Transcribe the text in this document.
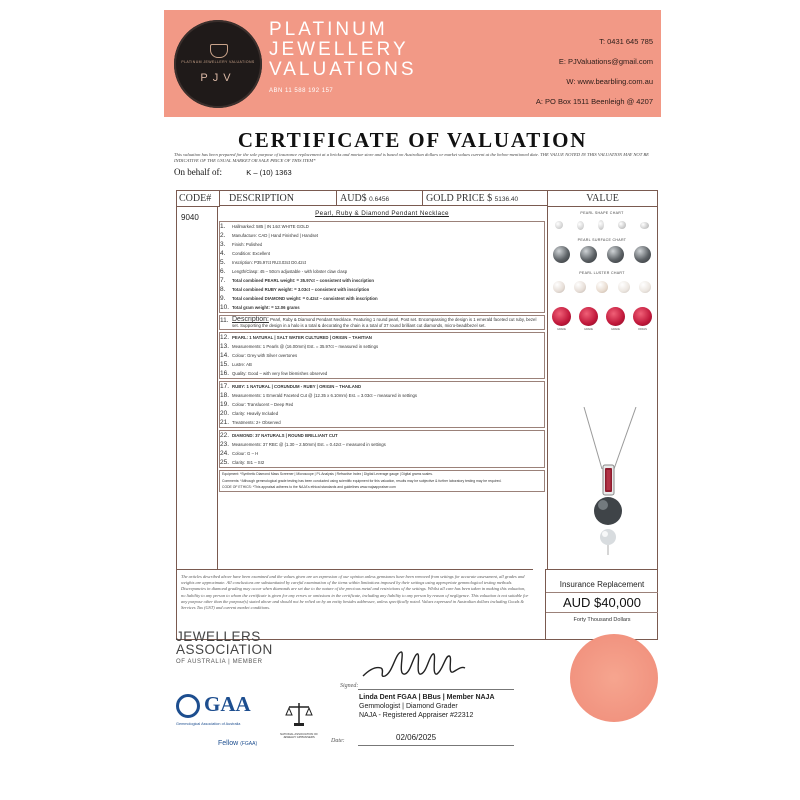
PLATINUM JEWELLERY VALUATIONS
PJV
PLATINUM
JEWELLERY
VALUATIONS
ABN 11 588 192 157
T: 0431 645 785
E: PJValuations@gmail.com
W: www.bearbling.com.au
A: PO Box 1511 Beenleigh @ 4207
CERTIFICATE OF VALUATION
This valuation has been prepared for the sole purpose of insurance replacement at a bricks and mortar store and is based on Australian dollars or market values current at the below-mentioned date. THE VALUE NOTED IN THIS VALUATION MAY NOT BE INDICATIVE OF THE USUAL MARKET OR SALE PRICE OF THIS ITEM*
On behalf of:	K – (10) 1363
CODE#	DESCRIPTION	AUD$ 0.6456	GOLD PRICE $ 5136.40	VALUE
9040	Pearl, Ruby & Diamond Pendant Necklace
1.	Hallmarked: 585 | IN 14ct WHITE GOLD
2.	Manufacture: CAD | Hand Finished | Handset
3.	Finish: Polished
4.	Condition: Excellent
5.	Inscription: P35.97ct RU3.03ct D0.42ct
6.	Length/Clasp: 45 – 50cm adjustable - with lobster claw clasp
7.	Total combined PEARL weight: = 35.97ct – consistent with inscription
8.	Total combined RUBY weight: = 3.03ct – consistent with inscription
9.	Total combined DIAMOND weight: = 0.42ct – consistent with inscription
10. Total gram weight: = 12.06 grams
11. Description: Pearl, Ruby & Diamond Pendant Necklace. Featuring 1 round pearl, Post set. Encompassing the design is 1 emerald faceted cut ruby, bezel set. Supporting the design in a halo is a total & decorating the chain is a total of 37 round brilliant cut diamonds, micro-bead/bezel set.
12. PEARL: 1 NATURAL | SALT WATER CULTURED | ORIGIN – TAHITIAN
13. Measurements: 1 Pearls @ (16.00mm) Est. = 35.97ct – measured in settings
14. Colour: Grey with Silver overtones
15. Lustre: AB
16. Quality: Good – with very few blemishes observed
17. RUBY: 1 NATURAL | CORUNDUM - RUBY | ORIGIN – THAILAND
18. Measurements: 1 Emerald Faceted Cut @ (12.35 x 6.10mm) Est. = 3.03ct – measured in settings
19. Colour: Translucent – Deep Red
20. Clarity: Heavily Included
21. Treatments: 2+ Observed
22. DIAMOND: 37 NATURALS | ROUND BRILLIANT CUT
23. Measurements: 37 RBC @ (1.30 – 2.50mm) Est. = 0.42ct – measured in settings
24. Colour: G – H
25. Clarity: SI1 – SI2
Equipment: *Synthetic Diamond Mass Screener | Microscope | PL Analysis | Refractive Index | Digital Leverage gauge | Digital grams scales.
Comments: *Although gemmological grade testing has been conducted using scientific equipment for this valuation, results may be subjective & further laboratory testing may be required.
CODE OF ETHICS: *This appraisal adheres to the NAJA's ethical standards and guidelines www.najaappraiser.com
PEARL SHAPE CHART
PEARL SURFACE CHART
PEARL LUSTER CHART
GRADE	GRADE	GRADE	ORIGIN
The articles described above have been examined and the values given are an expression of our opinion unless gemstones have been removed from settings for accurate assessment, all grades and weights are approximate. All conclusions are substantiated by careful examination of the items within limitations imposed by their settings using appropriate gemmological testing methods. Discrepancies in diamond grading may occur when diamonds are set due to the nature of the precious metal and restrictions of the settings. Whilst all care has been taken in making this valuation, no liability to any person to whom the certificate is given for any errors or omissions in the certificate, including any liability to any person by reason of negligence. This valuation is not suitable for any purpose other than the purpose(s) stated above and should not be relied on by an entity besides addressee, unless specifically noted. Values expressed in Australian dollars including Goods & Services Tax (GST) and current market conditions.
Insurance Replacement
AUD $40,000
Forty Thousand Dollars
JEWELLERS
ASSOCIATION
OF AUSTRALIA | MEMBER
GAA
Gemmological Association of Australia
Fellow (FGAA)
NATIONAL ASSOCIATION OF JEWELRY APPRAISERS
Signed:
Linda Dent FGAA | BBus | Member NAJA
Gemmologist | Diamond Grader
NAJA - Registered Appraiser #22312
Date:	02/06/2025
